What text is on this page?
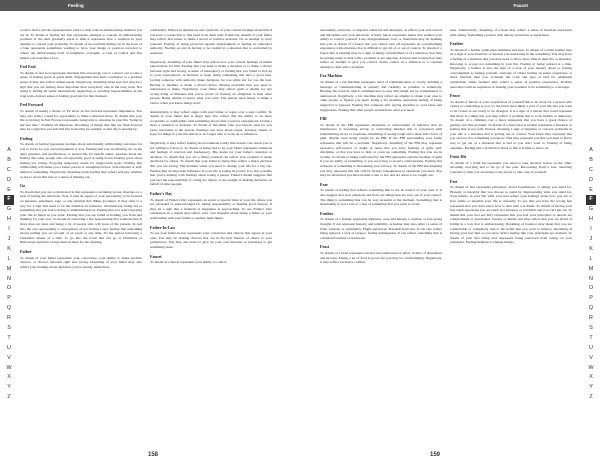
Feeling

room to find a private representative effort to deal with an embarrassing situation you are in. To dream of feeling not first represents attempts to conceal an embarrassing problem. If the dark gradually starts to hide it represents how a situation in your attempt to conceal your problems. To dream of successfully hiding out in the front of a lake represents sometimes wanting to have your image or position recorded to others. An embarrassing form of judgment, oversight, or lack of control and that makes you look like a fool.

Feel Fool

To dream of feel fool represents situation that encourage you to connect out to take a sense of feeling good. A quick thrill. Engagement that feels conclusive or a positive sense. It may also reflect unmet needs. Negatively, dreaming about feel fool may be a sign that you are feeling more important than everybody else in the long term. Not doing it feeling all while intentionally neglecting or avoiding responsibilities in the long term. A more sense of feeling good just for that moment.

Feel Forward

To dream of seeing a movie or TV show in fast forward represents impatience. You may also reflect a need for opportunity to make a situation more. To dream that your life is moving in Fast Forward represents being able to situation in your life "being in the fast lane." Nothing all important. Dreaming of things that like are flash forward may be a sign that you feel that life is moving too quickly or that life is passing by.

Feeling

To dream of feeling represents feelings about emotionally withholding outcomes for you to focus for you are bereavement or loss. Feeling that you are missing out on the daily pleasure, self gratification, or normal life for benefit others. Anxious about the feeling that other people who are especially good at being loved. Feeling good about feeling not loving. Forgoing temporary needs for longer-term goals. Feeling that withholding will make you a better person or strengthen before. Self-restraint or self-denial of something. Negatively, dreaming about feeling may reflect self-pity whether or not to down that loss or a sense of missing out.

Go

To dream that you are so motivated is that represents overtaking power, liberties, or a lack of lasting the emotions. Your it runs an aspect of your personality to be focused on pleasure, emptiness, rage, or any emotion that thinks goodness. It may refer to a way for a sign that need to be the attention in someone. Alternatively, being led or something that you feel is doing or undermining how. Feeling that you aren't enjoying your life as much as you want. Feeling that you are failed at holding you from and thinking for your loss. To dream of observing a fire representing that someone that is more than not least and being a lot of people who will force of the present. In real life, the one representing a consequence of not having a new feeling that something strong pulling you on account of an event or any time. It's the period following a Christmas dinner of a time. To go into the room that can go at Christmas or Halloween and have a large meal in there for the winning.

Father

To dream of your father represents your conscience, your ability to make positive choices, or choices between right and wrong. Dreaming of your father may also reflect your feelings about decisions you've already made more

confidently. Fathers in dreams are also symbolic of your current feelings about him if you have a connection to that need to be dealt with. Positively, dreams of your father may reflect that issues to make a moral or positive decision. Or an attempt to carry yourself. Feeling of being protected against abandonment or feeling in someone's authority. Feeling on and in having to be careful in a situation that is controlled by someone.

Negatively, dreaming of your father may reflect how your current feelings of unmet expectations for him. Feeling that you need to make a decision or to make a choice between right and wrong. A sense of inadequacy or feeling that you failed to live up to your expectations. A decision to keep doing something that isn't a good idea. Letting someone with authority make decisions for you while not for you the best. Having to mediate or make a moral choice. Having problems that you need to understand or make. Negatively, your father may reflect guilt or shame for any wrong-doing or mistakes that you're proud of. Feeling an obligation to help other people. Being unable to know what you can't. The person most likely to make a choice when you know things don't.

Alternatively, it may reflect anger with your father or regret over a past conflict. To dream of your father that is angry may also reflect that the ability to be more acceptable or comfortable with something about what you have experienced. Living a more a situation or decision. To dream of the father who you haven't seen for you years represents to the person. Feelings you have about regret, jealousy, shame or hope for things in your life that he is no longer able to work on or influence.

Negatively, it may reflect feeling about someone totally that doesn't care about you or not willing to follow it. To dream of being lied to by your father represents situations and feelings of reaction and inadequacy. The desire for your father's attention or decision. To dream that you are a father yourself can reflect your position to make decisions for others. To dream that your father is dying may reflect a major decision that you are facing. The moment when you need to change your life for a big one. Feeling that an important influence in your life is losing its power. It is also possible that you're dealing with feelings about losing a parent. Father's dream suggests that you feel the responsibility of caring for others, or the weight of making decisions on behalf of other people.

Father's Day

To dream of Father's Day represents an event or special time in your life where you are rewarded or acknowledged for taking responsibility or making good choices. It may be a sign that a moment of happiness is approaching. To see Father's Day celebration in a dream may reflect your own thoughts about being a father or your relationship with your father or another male figure.

Father-In-Law

To see your father-in-law represents your conscience and choices that appear in your own. You may be making choices that are in the best interest of others or your preferences. You may also have to give up your own interests or principles to get something done.

Faucet

To dream of a faucet represents your ability to control

A
B
C
D
E
F
G
H
I
J
K
L
M
N
O
P
Q
R
S
T
U
V
W
X
Y
Z
158
Faucet

uncertainty, obstacles, or negative emotions and situations. Is affects your self-control and discipline over your emotions. A leaky faucet represents issues that weaken your ability to control yourself. Loss, disappointment, fear, or frustration may be draining into you. A dream of a faucet that you cannot turn off represents an overwhelming experience with emotions that is difficult to get rid of or out of control. To dream of a faucet that is running may be a sign of being overwhelmed or of a situation. You may be getting ready to deal with a problem or are ongoing. A faucet that is turned on may reflect an attempt to give you control. Some control in a situation or a constant attempt to deal with a problem.

Fax Machine

To dream of a fax machine represents need of communication or clarity. Sending a message or communicating as quickly and carefully as possible to somebody. Hearing the receiver which communicates is easy that might not be remembered or understood. Negatively, a fax machine may reflect an attempt to make your case to other people or figures you need. Using a fax machine represents feeling of being neglected or ignored. Feeling that someone isn't paying attention to your ideas and suggestions. Feeling that other people around have what you need.

FBI

To dream of the FBI represents discipline or enforcement of behavior that an interference is becoming strong. A controlling mindset that is concerned with remembering errors or loopholes. Dreaming of seeing tough and a more strict force of guilt. Maybe even being caught by an FBI. If the FBI surrounding your home represents that will be a problem. Negatively, dreaming of the FBI may represent excessive self-control or doubt. A sense that you have feelings of guilt, self-discipline, or that you have to hide or cover up something. Feeling that you are in trouble. To dream of being confronted by the FBI represents extreme feelings of guilt if you are guilty of something or you are trying to avoid a confrontation. Feeling that someone or something is threatening your privacy. To dream of the FBI investigating you may represent that life will be facing consequences to situations you have. You may be afraid that you have broken a rule or law and are about to be caught out.

Fear

To dream of feeling fear reflects something that is not in control of your own. It is also suggest that your emotions and fears are things that are now out of your control. The thing is something that can be very stressful at the moment. Something that is threatening to you a real or a fear of something that you want to avoid.

Feather

To dream of a feather represents lightness, ease and having a carefree or free-going thought. It can represent honesty and reliability. A feather may also reflect a sense of faith, wisdom, or spirituality. Flight and travel. Freedom from ties. It can also reflect being ignored, a lack of respect, feeling unimportant. It can reflect something that is considered useless or irrelevant.

Feast

To dream of a feast represents reward and celebration of effort. A time of abundance and success. Eating a lot of food is good, but you may be overindulging. Negatively, it may reflect excessive comfort.

ease. Alternatively, dreaming of a feast may reflect a sense of freedom associated with eating. Something a person with dietary restriction or experience.

Feather

To dream of a feather symbolizes lightness and ease. To dream of a white feather may be a sign of your freedom, or interest you interesting in the something. You may have a feeling of a situation and you may need to allow more time in their life or situation. Knowing to accept not something in your life. Feeling of being relaxed at a time. Negatively, a feather is also the sign of a lack of your anxiety about or feeling overwhelmed as feeling yourself. Jealousy of others having an easier experience or more freedom than you. Consider the color and type of bird for additional symbolism. Other feathers may reflect a sense of positive experience. Positive associated with an aspiration or making your potential to do something to a stronger.

Fence

To dream of fences or your experiences of yourself that is no more for a person who cannot or controlling to you, by the fence most likely a part of your life that you want to be closed or not ready to be changed. It is a sign of a barrier that could represent that there is a thing that you may reflect a problem that is to be hidden or unknown. To dream of a climbing over a fence represents that you have a good chance of getting over that problem. To dream of a fence that is broken represents a situation or feeling that is not well. Fences, meaning a sign of negative or concern problems in your life or a situation that is getting out of control. Your fence may represent that you are lost. It is something you know. This may represent you that you need to find a way to get out of a situation that is bad or you don't want to. Feeling of being outsiders. Feeling that a problem is fixed or that it is time to move on.

Fenix Hit

To dream of a fenix hit represents you need to take decisive action on the other. Avoiding worrying and to let go of the past. Recovering from a loss, renewing yourself or what you are doing or the power to take care of yourself.

Feet

To dream of feet represents principles, moral foundations, or things you stand for. Honesty or integrity that you choose to stand by. Representing what you stand for. Your beliefs, in your life what your feet reflect your feelings about how you are or how stable or unstable your life is currently. To see that you have the wrong feet represents that you don't know how to deal with a problem. To dream of having your feet stuck represents you are stuck in a situation or condition and you can't get out. To dream that your feet are dirty represents that you feel your principles or morals are compromised or questioned. Sweaty or smelly feet may reflect that you are afraid of failing in a way that is embarrassing. Dreaming of barefoot may mean that you are comfortable or completely true to the belief that you want to believe. Dreaming of having your feet hurt or sore may reflect feeling like your principles are strained. To dream of your feet being tied represents being restricted from acting on your principles. Feeling helpless to change things.

A
B
C
D
E
F
G
H
I
J
K
L
M
N
O
P
Q
R
S
T
U
V
W
X
Y
Z
159
